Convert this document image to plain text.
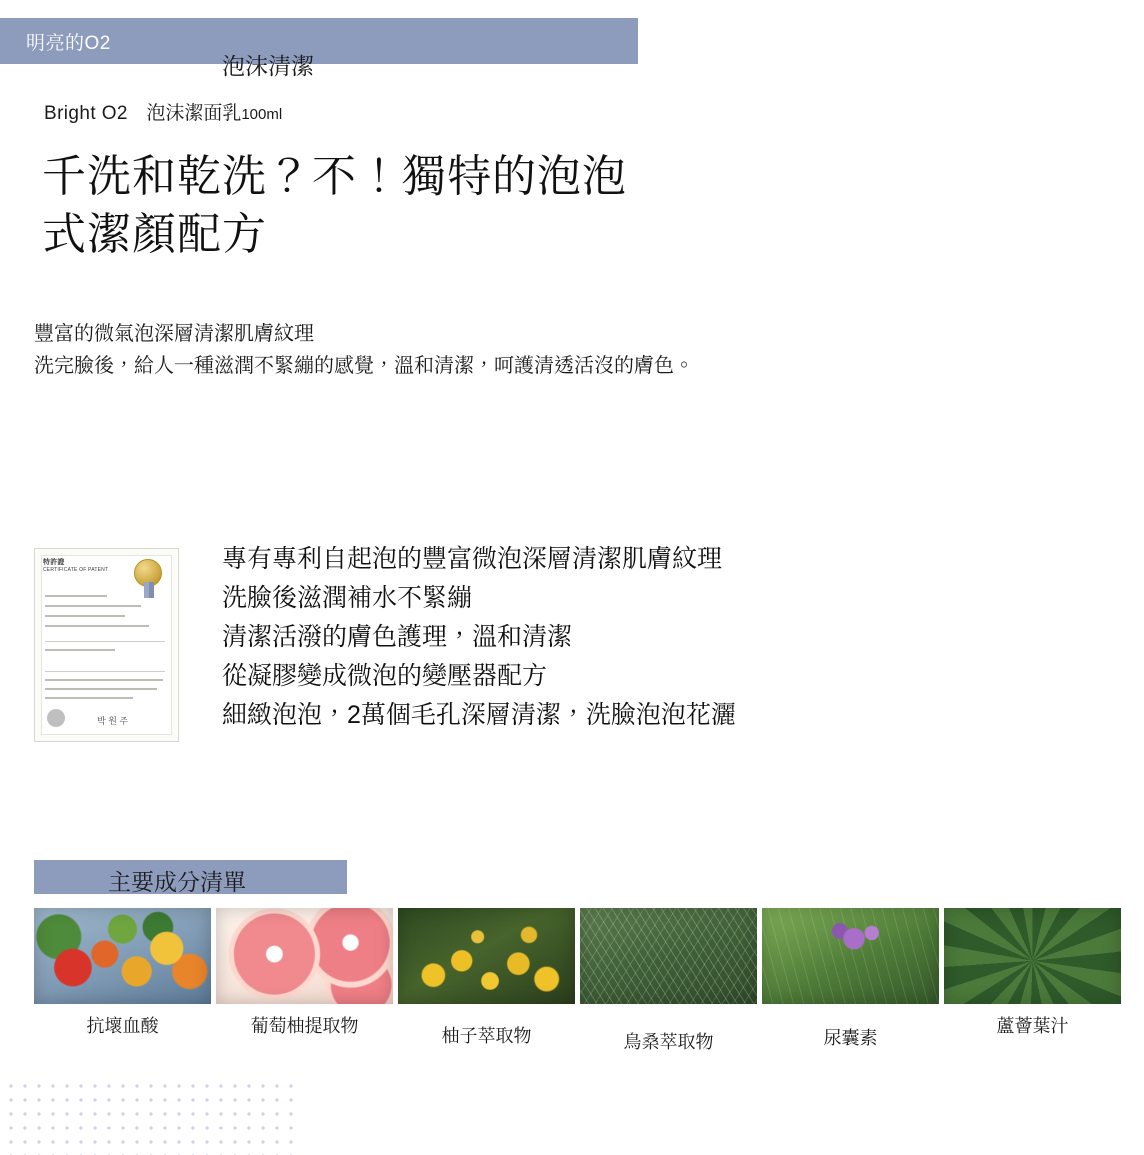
明亮的O2
泡沫清潔
Bright O2 泡沫潔面乳100ml
千洗和乾洗？不！獨特的泡泡
式潔顏配方
豐富的微氣泡深層清潔肌膚紋理
洗完臉後，給人一種滋潤不緊繃的感覺，溫和清潔，呵護清透活沒的膚色。
特許證
CERTIFICATE OF PATENT
박 원 주
專有專利自起泡的豐富微泡深層清潔肌膚紋理
洗臉後滋潤補水不緊繃
清潔活潑的膚色護理，溫和清潔
從凝膠變成微泡的變壓器配方
細緻泡泡，2萬個毛孔深層清潔，洗臉泡泡花灑
主要成分清單
抗壞血酸	葡萄柚提取物	柚子萃取物	鳥桑萃取物	尿囊素
蘆薈葉汁
